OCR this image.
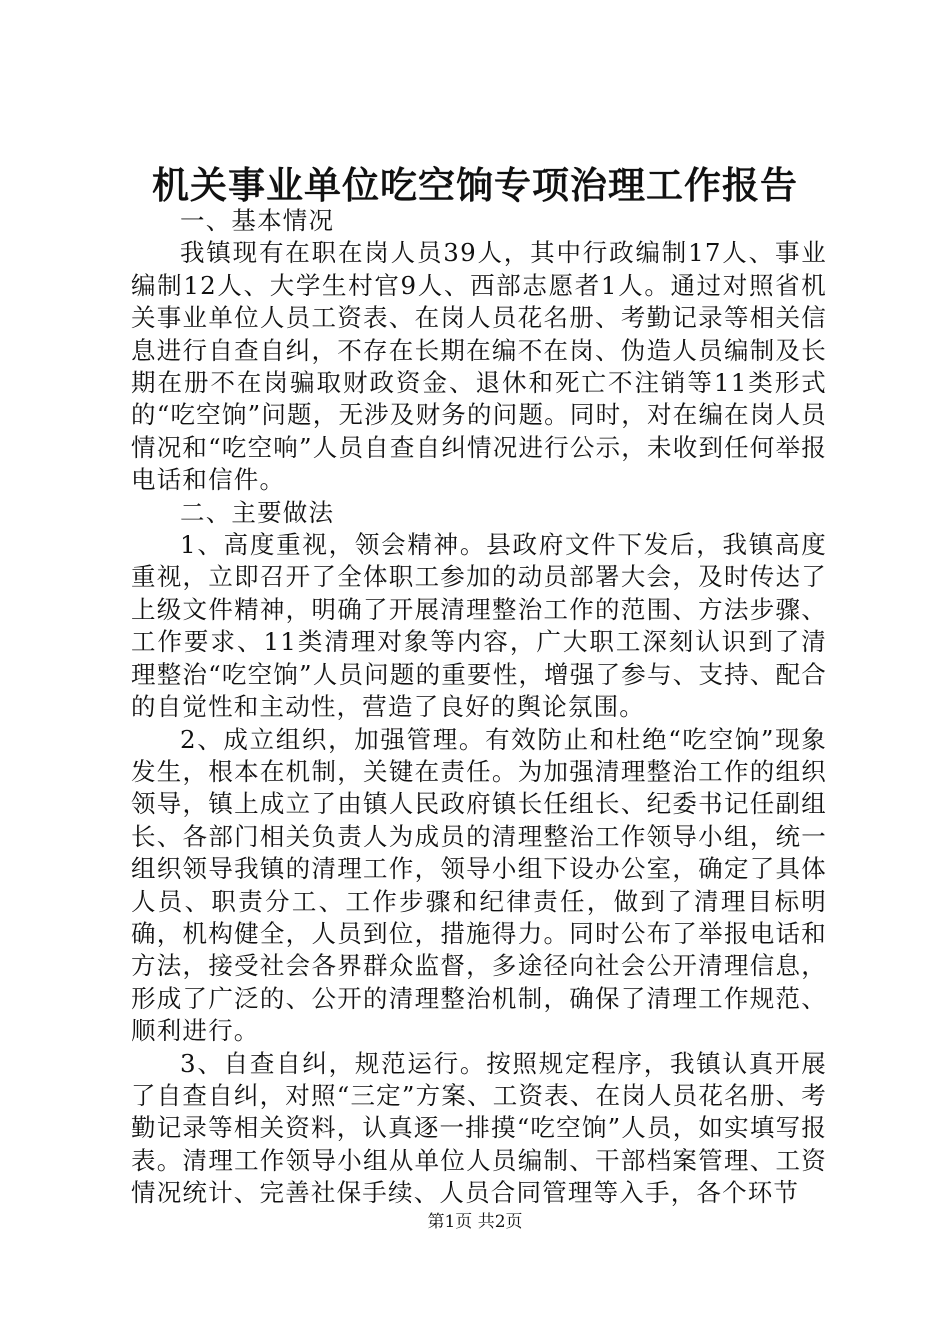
机关事业单位吃空饷专项治理工作报告

一、基本情况

我镇现有在职在岗人员39人，其中行政编制17人、事业编制12人、大学生村官9人、西部志愿者1人。通过对照省机关事业单位人员工资表、在岗人员花名册、考勤记录等相关信息进行自查自纠，不存在长期在编不在岗、伪造人员编制及长期在册不在岗骗取财政资金、退休和死亡不注销等11类形式的“吃空饷”问题，无涉及财务的问题。同时，对在编在岗人员情况和“吃空响”人员自查自纠情况进行公示，未收到任何举报电话和信件。

二、主要做法

1、高度重视，领会精神。县政府文件下发后，我镇高度重视，立即召开了全体职工参加的动员部署大会，及时传达了上级文件精神，明确了开展清理整治工作的范围、方法步骤、工作要求、11类清理对象等内容，广大职工深刻认识到了清理整治“吃空饷”人员问题的重要性，增强了参与、支持、配合的自觉性和主动性，营造了良好的舆论氛围。

2、成立组织，加强管理。有效防止和杜绝“吃空饷”现象发生，根本在机制，关键在责任。为加强清理整治工作的组织领导，镇上成立了由镇人民政府镇长任组长、纪委书记任副组长、各部门相关负责人为成员的清理整治工作领导小组，统一组织领导我镇的清理工作，领导小组下设办公室，确定了具体人员、职责分工、工作步骤和纪律责任，做到了清理目标明确，机构健全，人员到位，措施得力。同时公布了举报电话和方法，接受社会各界群众监督，多途径向社会公开清理信息，形成了广泛的、公开的清理整治机制，确保了清理工作规范、顺利进行。

3、自查自纠，规范运行。按照规定程序，我镇认真开展了自查自纠，对照“三定”方案、工资表、在岗人员花名册、考勤记录等相关资料，认真逐一排摸“吃空饷”人员，如实填写报表。清理工作领导小组从单位人员编制、干部档案管理、工资情况统计、完善社保手续、人员合同管理等入手，各个环节

第1页 共2页
